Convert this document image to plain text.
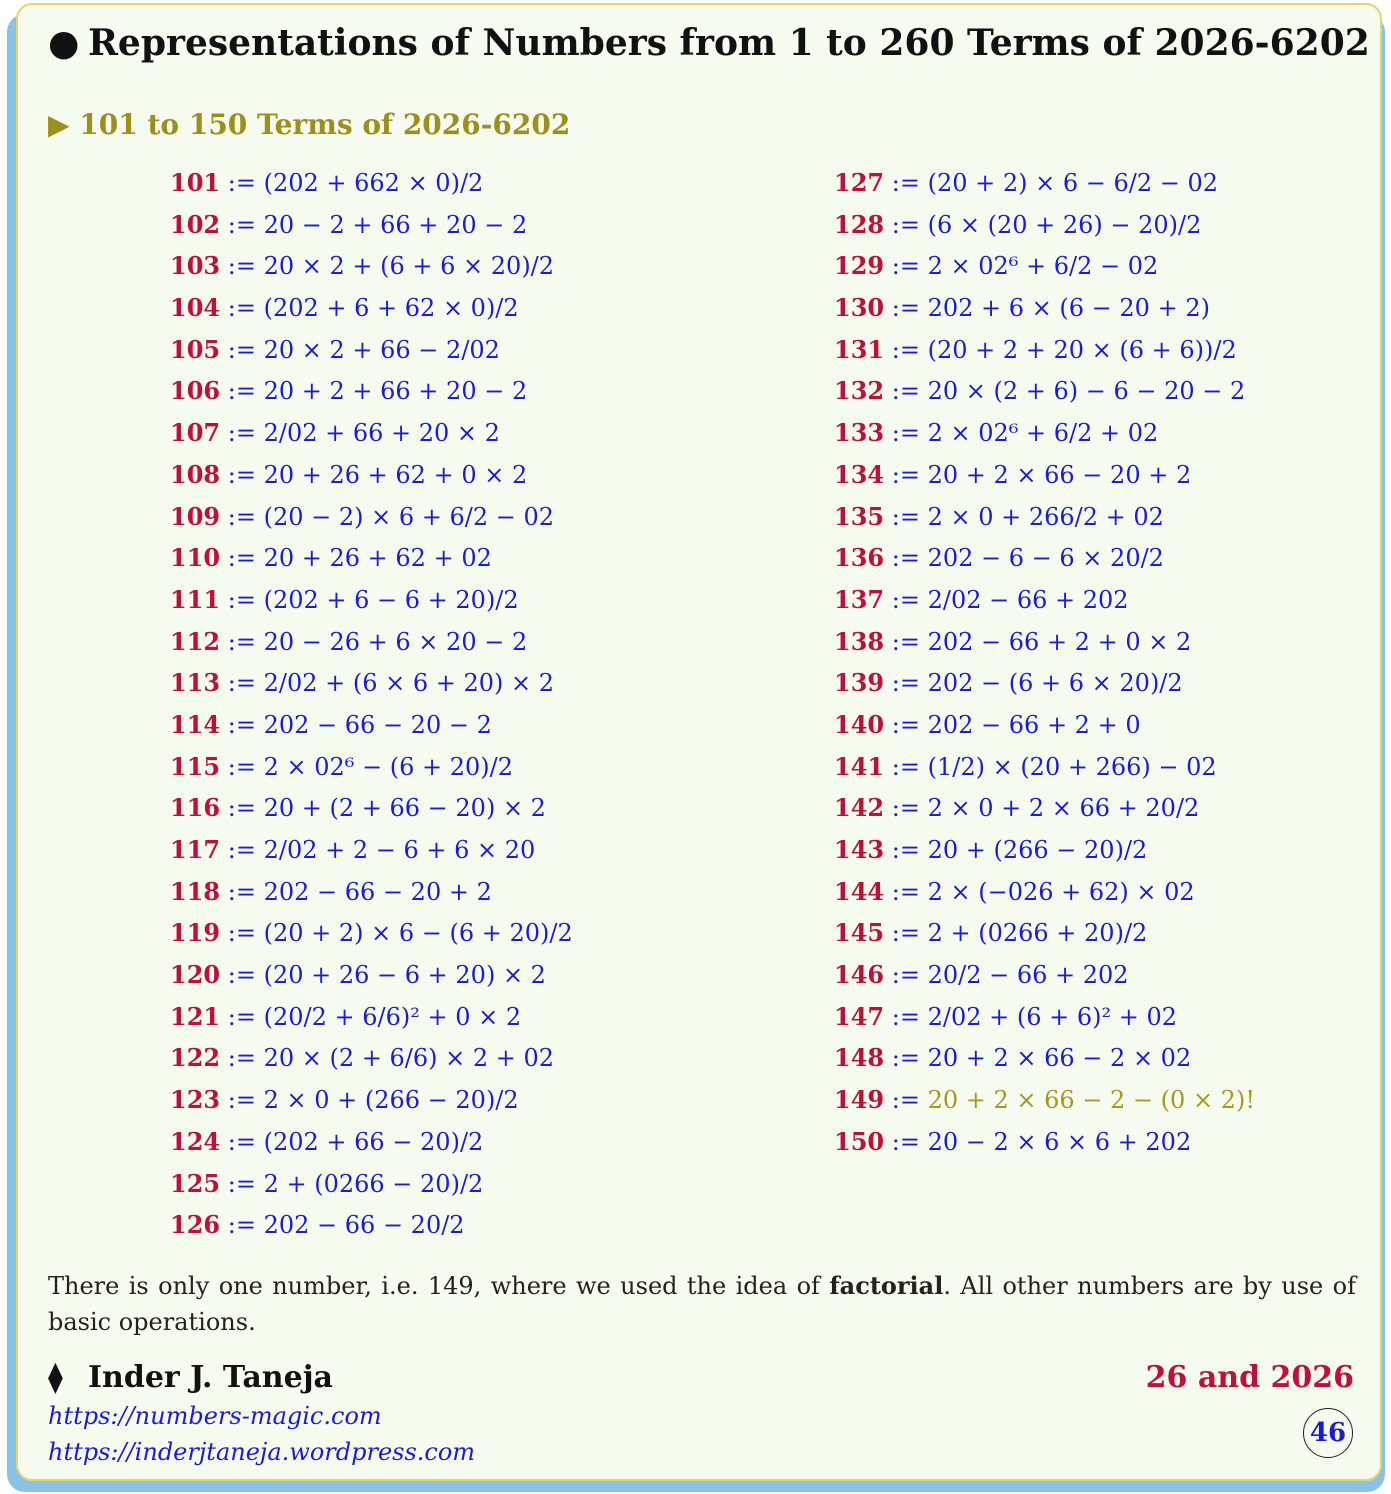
● Representations of Numbers from 1 to 260 Terms of 2026-6202
▶ 101 to 150 Terms of 2026-6202
101 := (202 + 662 × 0)/2
102 := 20 − 2 + 66 + 20 − 2
103 := 20 × 2 + (6 + 6 × 20)/2
104 := (202 + 6 + 62 × 0)/2
105 := 20 × 2 + 66 − 2/02
106 := 20 + 2 + 66 + 20 − 2
107 := 2/02 + 66 + 20 × 2
108 := 20 + 26 + 62 + 0 × 2
109 := (20 − 2) × 6 + 6/2 − 02
110 := 20 + 26 + 62 + 02
111 := (202 + 6 − 6 + 20)/2
112 := 20 − 26 + 6 × 20 − 2
113 := 2/02 + (6 × 6 + 20) × 2
114 := 202 − 66 − 20 − 2
115 := 2 × 02⁶ − (6 + 20)/2
116 := 20 + (2 + 66 − 20) × 2
117 := 2/02 + 2 − 6 + 6 × 20
118 := 202 − 66 − 20 + 2
119 := (20 + 2) × 6 − (6 + 20)/2
120 := (20 + 26 − 6 + 20) × 2
121 := (20/2 + 6/6)² + 0 × 2
122 := 20 × (2 + 6/6) × 2 + 02
123 := 2 × 0 + (266 − 20)/2
124 := (202 + 66 − 20)/2
125 := 2 + (0266 − 20)/2
126 := 202 − 66 − 20/2
127 := (20 + 2) × 6 − 6/2 − 02
128 := (6 × (20 + 26) − 20)/2
129 := 2 × 02⁶ + 6/2 − 02
130 := 202 + 6 × (6 − 20 + 2)
131 := (20 + 2 + 20 × (6 + 6))/2
132 := 20 × (2 + 6) − 6 − 20 − 2
133 := 2 × 02⁶ + 6/2 + 02
134 := 20 + 2 × 66 − 20 + 2
135 := 2 × 0 + 266/2 + 02
136 := 202 − 6 − 6 × 20/2
137 := 2/02 − 66 + 202
138 := 202 − 66 + 2 + 0 × 2
139 := 202 − (6 + 6 × 20)/2
140 := 202 − 66 + 2 + 0
141 := (1/2) × (20 + 266) − 02
142 := 2 × 0 + 2 × 66 + 20/2
143 := 20 + (266 − 20)/2
144 := 2 × (−026 + 62) × 02
145 := 2 + (0266 + 20)/2
146 := 20/2 − 66 + 202
147 := 2/02 + (6 + 6)² + 02
148 := 20 + 2 × 66 − 2 × 02
149 := 20 + 2 × 66 − 2 − (0 × 2)!
150 := 20 − 2 × 6 × 6 + 202
There is only one number, i.e. 149, where we used the idea of factorial. All other numbers are by use of basic operations.
⧫ Inder J. Taneja
https://numbers-magic.com
https://inderjtaneja.wordpress.com
26 and 2026
46
